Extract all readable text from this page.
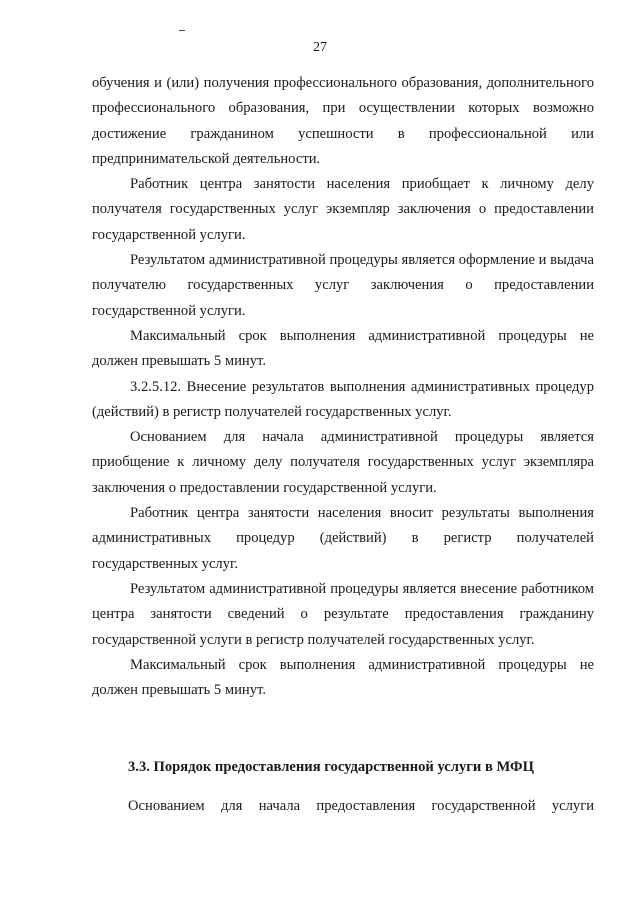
27

обучения и (или) получения профессионального образования, дополнительного профессионального образования, при осуществлении которых возможно достижение гражданином успешности в профессиональной или предпринимательской деятельности.

Работник центра занятости населения приобщает к личному делу получателя государственных услуг экземпляр заключения о предоставлении государственной услуги.

Результатом административной процедуры является оформление и выдача получателю государственных услуг заключения о предоставлении государственной услуги.

Максимальный срок выполнения административной процедуры не должен превышать 5 минут.

3.2.5.12. Внесение результатов выполнения административных процедур (действий) в регистр получателей государственных услуг.

Основанием для начала административной процедуры является приобщение к личному делу получателя государственных услуг экземпляра заключения о предоставлении государственной услуги.

Работник центра занятости населения вносит результаты выполнения административных процедур (действий) в регистр получателей государственных услуг.

Результатом административной процедуры является внесение работником центра занятости сведений о результате предоставления гражданину государственной услуги в регистр получателей государственных услуг.

Максимальный срок выполнения административной процедуры не должен превышать 5 минут.

3.3. Порядок предоставления государственной услуги в МФЦ
Основанием для начала предоставления государственной услуги
